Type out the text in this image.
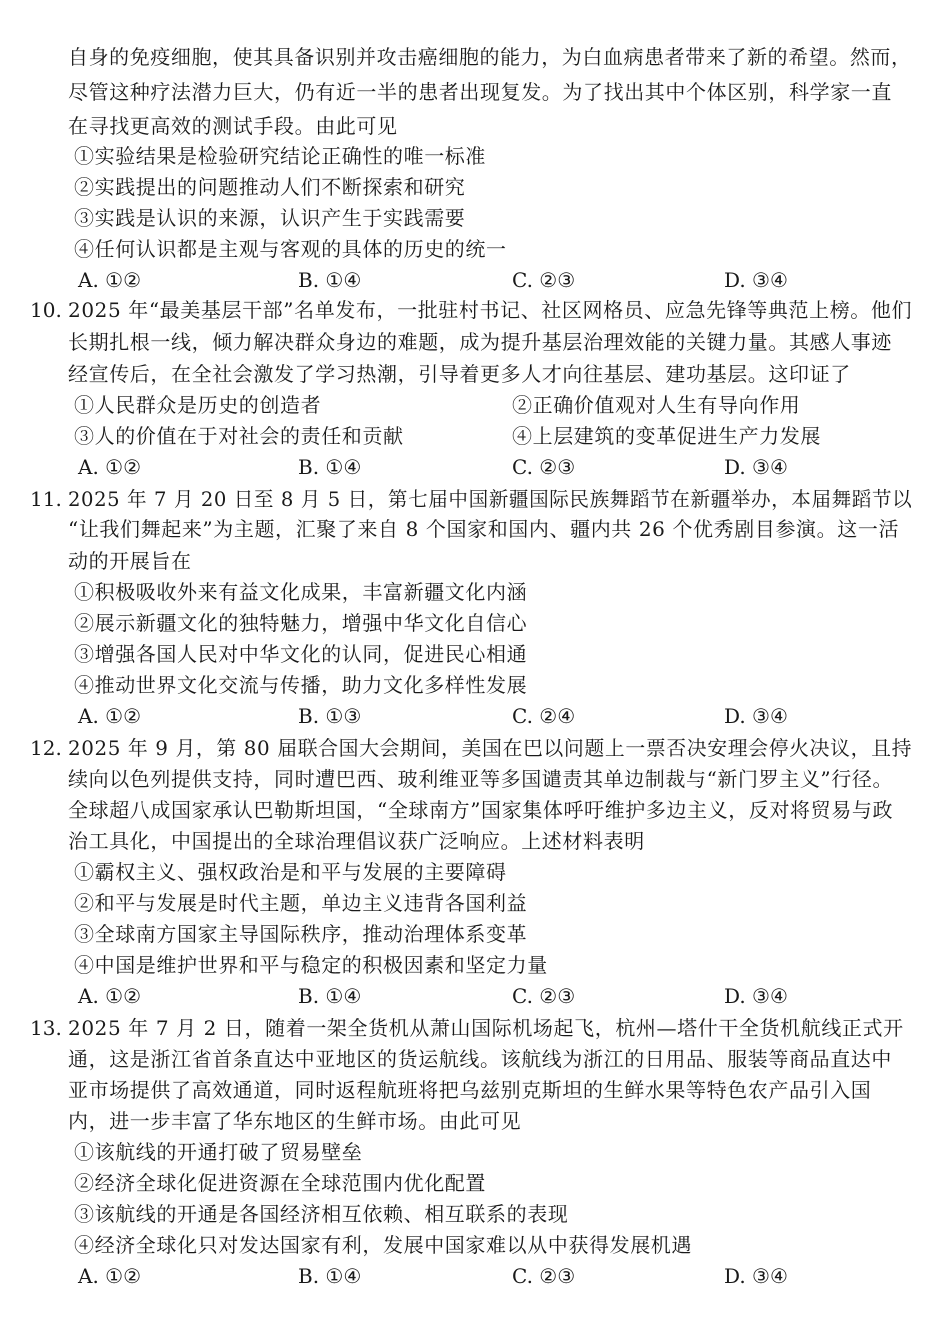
自身的免疫细胞，使其具备识别并攻击癌细胞的能力，为白血病患者带来了新的希望。然而，
尽管这种疗法潜力巨大，仍有近一半的患者出现复发。为了找出其中个体区别，科学家一直
在寻找更高效的测试手段。由此可见
①实验结果是检验研究结论正确性的唯一标准
②实践提出的问题推动人们不断探索和研究
③实践是认识的来源，认识产生于实践需要
④任何认识都是主观与客观的具体的历史的统一
A. ①②	B. ①④	C. ②③	D. ③④
10. 2025 年“最美基层干部”名单发布，一批驻村书记、社区网格员、应急先锋等典范上榜。他们
长期扎根一线，倾力解决群众身边的难题，成为提升基层治理效能的关键力量。其感人事迹
经宣传后，在全社会激发了学习热潮，引导着更多人才向往基层、建功基层。这印证了
①人民群众是历史的创造者	②正确价值观对人生有导向作用
③人的价值在于对社会的责任和贡献	④上层建筑的变革促进生产力发展
A. ①②	B. ①④	C. ②③	D. ③④
11. 2025 年 7 月 20 日至 8 月 5 日，第七届中国新疆国际民族舞蹈节在新疆举办，本届舞蹈节以
“让我们舞起来”为主题，汇聚了来自 8 个国家和国内、疆内共 26 个优秀剧目参演。这一活
动的开展旨在
①积极吸收外来有益文化成果，丰富新疆文化内涵
②展示新疆文化的独特魅力，增强中华文化自信心
③增强各国人民对中华文化的认同，促进民心相通
④推动世界文化交流与传播，助力文化多样性发展
A. ①②	B. ①③	C. ②④	D. ③④
12. 2025 年 9 月，第 80 届联合国大会期间，美国在巴以问题上一票否决安理会停火决议，且持
续向以色列提供支持，同时遭巴西、玻利维亚等多国谴责其单边制裁与“新门罗主义”行径。
全球超八成国家承认巴勒斯坦国，“全球南方”国家集体呼吁维护多边主义，反对将贸易与政
治工具化，中国提出的全球治理倡议获广泛响应。上述材料表明
①霸权主义、强权政治是和平与发展的主要障碍
②和平与发展是时代主题，单边主义违背各国利益
③全球南方国家主导国际秩序，推动治理体系变革
④中国是维护世界和平与稳定的积极因素和坚定力量
A. ①②	B. ①④	C. ②③	D. ③④
13. 2025 年 7 月 2 日，随着一架全货机从萧山国际机场起飞，杭州—塔什干全货机航线正式开
通，这是浙江省首条直达中亚地区的货运航线。该航线为浙江的日用品、服装等商品直达中
亚市场提供了高效通道，同时返程航班将把乌兹别克斯坦的生鲜水果等特色农产品引入国
内，进一步丰富了华东地区的生鲜市场。由此可见
①该航线的开通打破了贸易壁垒
②经济全球化促进资源在全球范围内优化配置
③该航线的开通是各国经济相互依赖、相互联系的表现
④经济全球化只对发达国家有利，发展中国家难以从中获得发展机遇
A. ①②	B. ①④	C. ②③	D. ③④
